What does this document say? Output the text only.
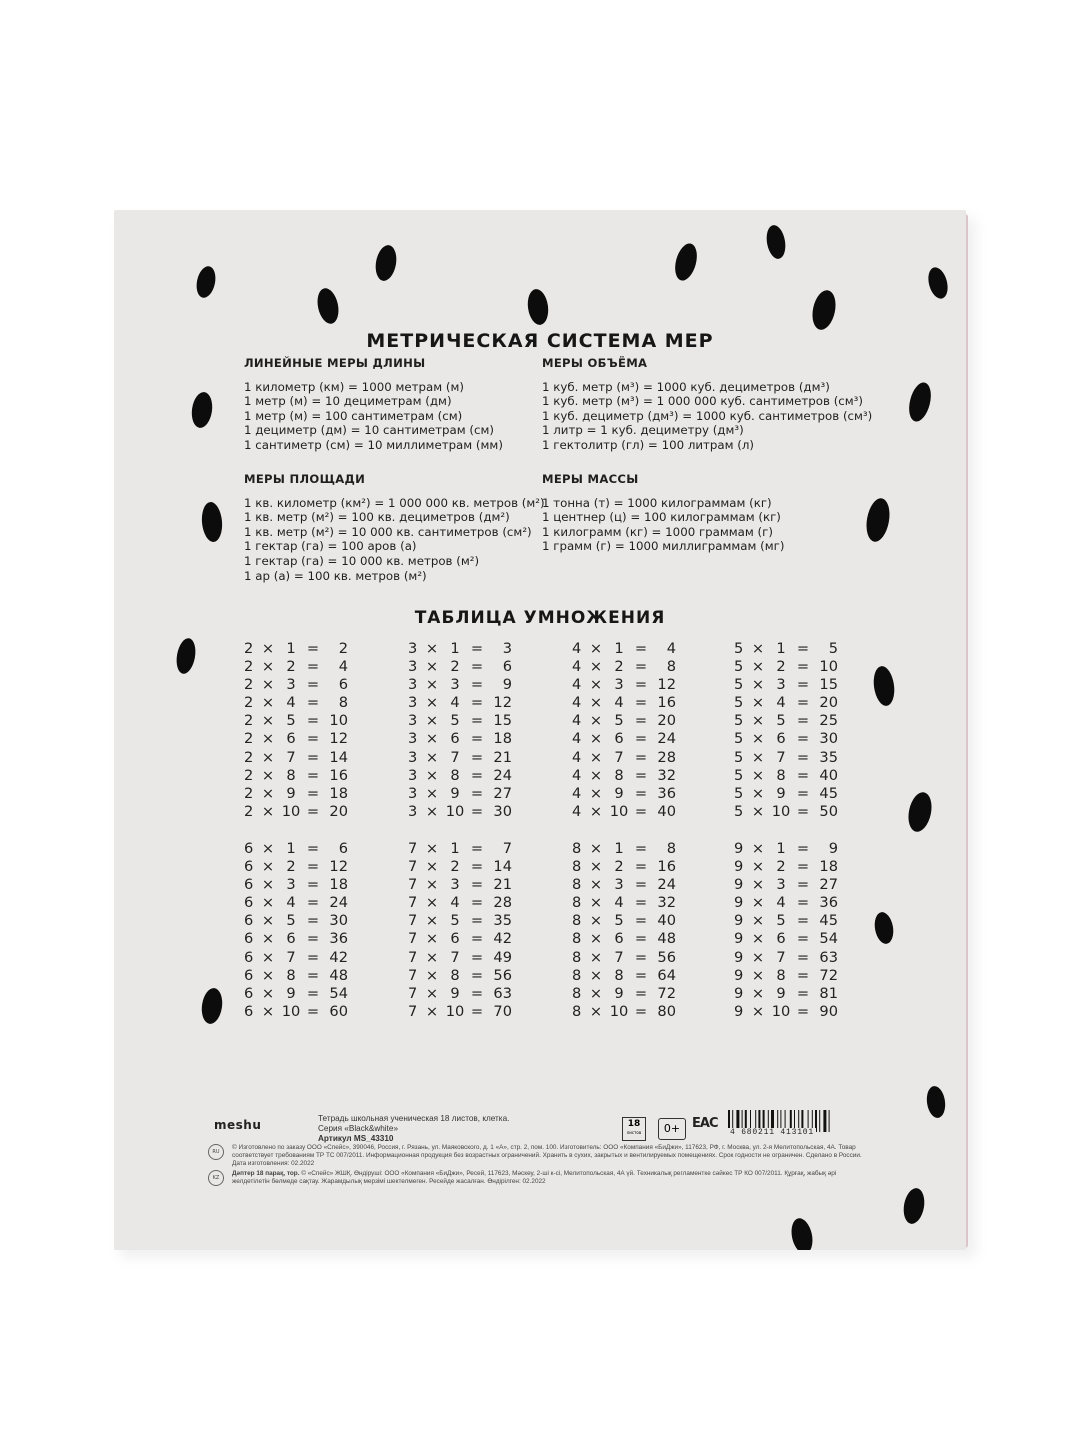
МЕТРИЧЕСКАЯ СИСТЕМА МЕР
ЛИНЕЙНЫЕ МЕРЫ ДЛИНЫ
1 километр (км) = 1000 метрам (м)
1 метр (м) = 10 дециметрам (дм)
1 метр (м) = 100 сантиметрам (см)
1 дециметр (дм) = 10 сантиметрам (см)
1 сантиметр (см) = 10 миллиметрам (мм)
МЕРЫ ОБЪЁМА
1 куб. метр (м³) = 1000 куб. дециметров (дм³)
1 куб. метр (м³) = 1 000 000 куб. сантиметров (см³)
1 куб. дециметр (дм³) = 1000 куб. сантиметров (см³)
1 литр = 1 куб. дециметру (дм³)
1 гектолитр (гл) = 100 литрам (л)
МЕРЫ ПЛОЩАДИ
1 кв. километр (км²) = 1 000 000 кв. метров (м²)
1 кв. метр (м²) = 100 кв. дециметров (дм²)
1 кв. метр (м²) = 10 000 кв. сантиметров (см²)
1 гектар (га) = 100 аров (а)
1 гектар (га) = 10 000 кв. метров (м²)
1 ар (а) = 100 кв. метров (м²)
МЕРЫ МАССЫ
1 тонна (т) = 1000 килограммам (кг)
1 центнер (ц) = 100 килограммам (кг)
1 килограмм (кг) = 1000 граммам (г)
1 грамм (г) = 1000 миллиграммам (мг)
ТАБЛИЦА УМНОЖЕНИЯ
2 × 1 =	2
2 × 2 =	4
2 × 3 =	6
2 × 4 =	8
2 × 5 = 10
2 × 6 = 12
2 × 7 = 14
2 × 8 = 16
2 × 9 = 18
2 × 10 = 20
3 × 1 =	3
3 × 2 =	6
3 × 3 =	9
3 × 4 = 12
3 × 5 = 15
3 × 6 = 18
3 × 7 = 21
3 × 8 = 24
3 × 9 = 27
3 × 10 = 30
4 × 1 =	4
4 × 2 =	8
4 × 3 = 12
4 × 4 = 16
4 × 5 = 20
4 × 6 = 24
4 × 7 = 28
4 × 8 = 32
4 × 9 = 36
4 × 10 = 40
5 × 1 =	5
5 × 2 = 10
5 × 3 = 15
5 × 4 = 20
5 × 5 = 25
5 × 6 = 30
5 × 7 = 35
5 × 8 = 40
5 × 9 = 45
5 × 10 = 50
6 × 1 =	6
6 × 2 = 12
6 × 3 = 18
6 × 4 = 24
6 × 5 = 30
6 × 6 = 36
6 × 7 = 42
6 × 8 = 48
6 × 9 = 54
6 × 10 = 60
7 × 1 =	7
7 × 2 = 14
7 × 3 = 21
7 × 4 = 28
7 × 5 = 35
7 × 6 = 42
7 × 7 = 49
7 × 8 = 56
7 × 9 = 63
7 × 10 = 70
8 × 1 =	8
8 × 2 = 16
8 × 3 = 24
8 × 4 = 32
8 × 5 = 40
8 × 6 = 48
8 × 7 = 56
8 × 8 = 64
8 × 9 = 72
8 × 10 = 80
9 × 1 =	9
9 × 2 = 18
9 × 3 = 27
9 × 4 = 36
9 × 5 = 45
9 × 6 = 54
9 × 7 = 63
9 × 8 = 72
9 × 9 = 81
9 × 10 = 90
meshu	Тетрадь школьная ученическая 18 листов, клетка.
Серия «Black&white»
Артикул MS_43310
18
листов	0+ EAC
4 680211 413101
RU
© Изготовлено по заказу ООО «Спейс», 390046, Россия, г. Рязань, ул. Маяковского, д. 1 «А», стр. 2, пом. 100. Изготовитель: ООО «Компания «БиДжи», 117623, РФ, г. Москва, ул. 2-я Мелитопольская, 4А. Товар соответствует требованиям ТР ТС 007/2011. Информационная продукция без возрастных ограничений. Хранить в сухих, закрытых и вентилируемых помещениях. Срок годности не ограничен. Сделано в России. Дата изготовления: 02.2022
KZ
Дәптер 18 парақ, тор. © «Спейс» ЖШҚ. Өндіруші: ООО «Компания «БиДжи», Ресей, 117623, Мәскеу, 2-ші к-сі, Мелитопольская, 4А үй. Техникалық регламентке сәйкес ТР КО 007/2011. Құрғақ, жабық әрі желдетілетін бөлмеде сақтау. Жарамдылық мерзімі шектелмеген. Ресейде жасалған. Өндірілген: 02.2022
